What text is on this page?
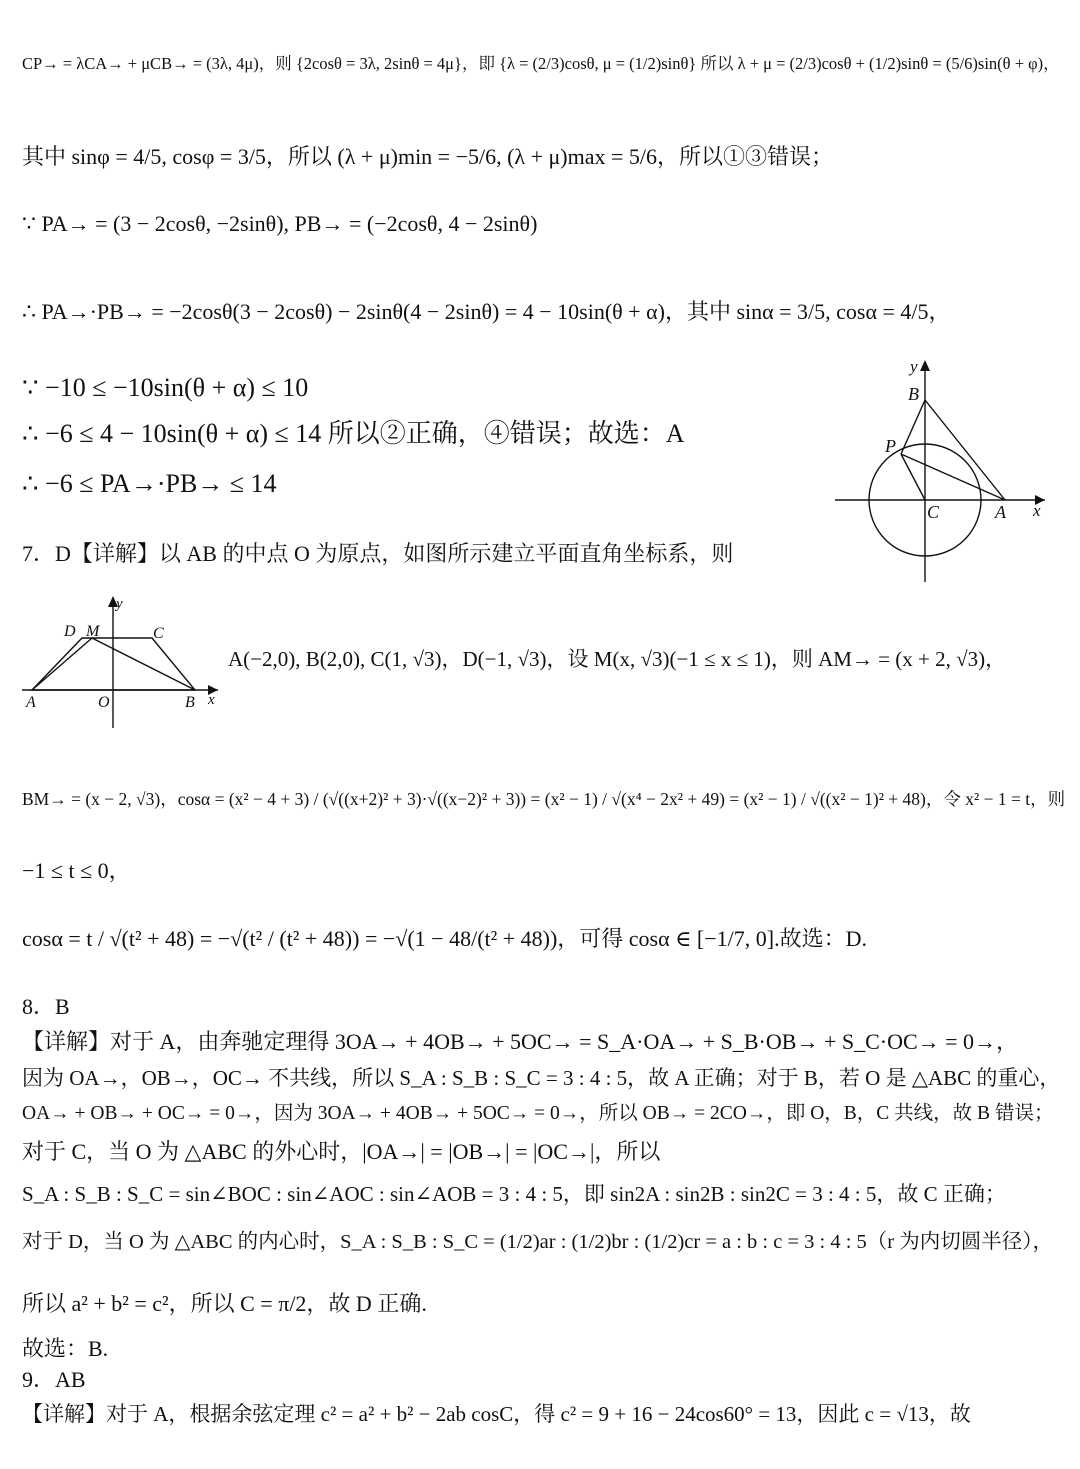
CP→ = λCA→ + μCB→ = (3λ, 4μ)，则 {2cosθ = 3λ, 2sinθ = 4μ}，即 {λ = (2/3)cosθ, μ = (1/2)sinθ} 所以 λ + μ = (2/3)cosθ + (1/2)sinθ = (5/6)sin(θ + φ)，
其中 sinφ = 4/5, cosφ = 3/5，所以 (λ + μ)min = −5/6, (λ + μ)max = 5/6，所以①③错误；
∵ PA→ = (3 − 2cosθ, −2sinθ), PB→ = (−2cosθ, 4 − 2sinθ)
∴ PA→·PB→ = −2cosθ(3 − 2cosθ) − 2sinθ(4 − 2sinθ) = 4 − 10sin(θ + α)，其中 sinα = 3/5, cosα = 4/5，
∵ −10 ≤ −10sin(θ + α) ≤ 10
∴ −6 ≤ 4 − 10sin(θ + α) ≤ 14 所以②正确，④错误；故选：A
∴ −6 ≤ PA→·PB→ ≤ 14
x
y
B
P
C	A
7．D【详解】以 AB 的中点 O 为原点，如图所示建立平面直角坐标系，则
y
D M	C
A	O	B x
A(−2,0), B(2,0), C(1, √3)，D(−1, √3)，设 M(x, √3)(−1 ≤ x ≤ 1)，则 AM→ = (x + 2, √3)，
BM→ = (x − 2, √3)，cosα = (x² − 4 + 3) / (√((x+2)² + 3)·√((x−2)² + 3)) = (x² − 1) / √(x⁴ − 2x² + 49) = (x² − 1) / √((x² − 1)² + 48)，令 x² − 1 = t，则
−1 ≤ t ≤ 0，
cosα = t / √(t² + 48) = −√(t² / (t² + 48)) = −√(1 − 48/(t² + 48))，可得 cosα ∈ [−1/7, 0].故选：D.
8．B
【详解】对于 A，由奔驰定理得 3OA→ + 4OB→ + 5OC→ = S_A·OA→ + S_B·OB→ + S_C·OC→ = 0→，
因为 OA→，OB→，OC→ 不共线，所以 S_A : S_B : S_C = 3 : 4 : 5，故 A 正确；对于 B，若 O 是 △ABC 的重心，
OA→ + OB→ + OC→ = 0→，因为 3OA→ + 4OB→ + 5OC→ = 0→，所以 OB→ = 2CO→，即 O，B，C 共线，故 B 错误；
对于 C，当 O 为 △ABC 的外心时，|OA→| = |OB→| = |OC→|，所以
S_A : S_B : S_C = sin∠BOC : sin∠AOC : sin∠AOB = 3 : 4 : 5，即 sin2A : sin2B : sin2C = 3 : 4 : 5，故 C 正确；
对于 D，当 O 为 △ABC 的内心时，S_A : S_B : S_C = (1/2)ar : (1/2)br : (1/2)cr = a : b : c = 3 : 4 : 5（r 为内切圆半径），
所以 a² + b² = c²，所以 C = π/2，故 D 正确.
故选：B.
9．AB
【详解】对于 A，根据余弦定理 c² = a² + b² − 2ab cosC，得 c² = 9 + 16 − 24cos60° = 13，因此 c = √13，故
